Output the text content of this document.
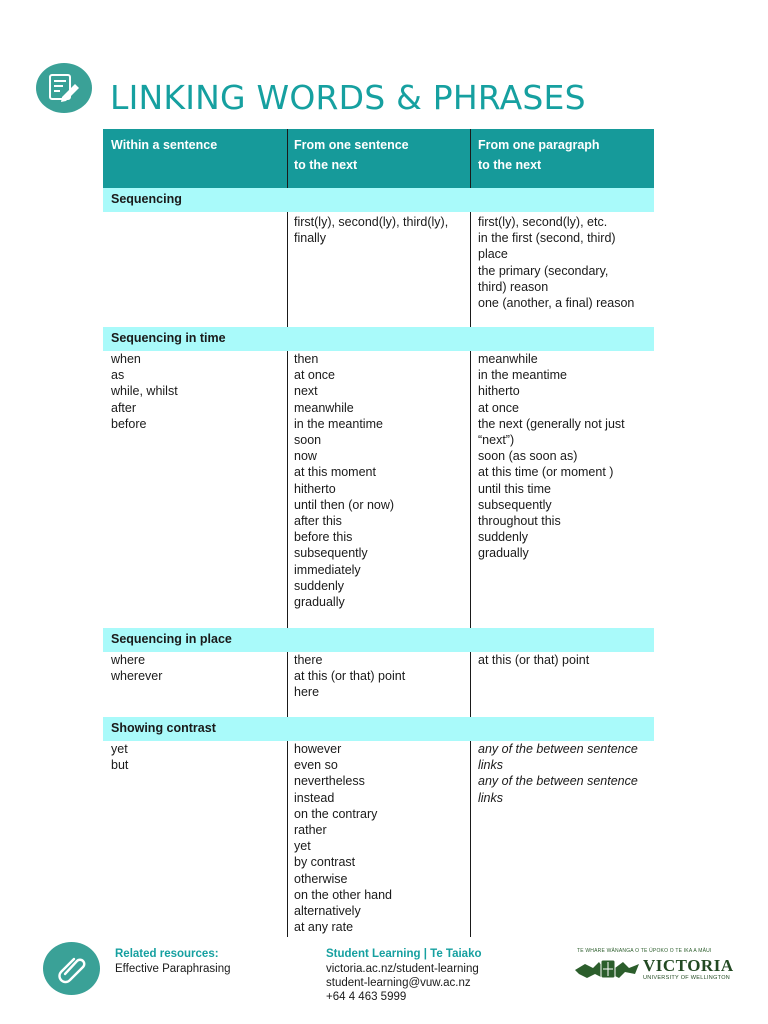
LINKING WORDS & PHRASES
Within a sentence	From one sentence
to the next
From one paragraph
to the next
Sequencing
first(ly), second(ly), third(ly),
finally
first(ly), second(ly), etc.
in the first (second, third)
place
the primary (secondary,
third) reason
one (another, a final) reason
Sequencing in time
when
as
while, whilst
after
before
then
at once
next
meanwhile
in the meantime
soon
now
at this moment
hitherto
until then (or now)
after this
before this
subsequently
immediately
suddenly
gradually
meanwhile
in the meantime
hitherto
at once
the next (generally not just
“next”)
soon (as soon as)
at this time (or moment )
until this time
subsequently
throughout this
suddenly
gradually
Sequencing in place
where
wherever
there
at this (or that) point
here
at this (or that) point
Showing contrast
yet
but
however
even so
nevertheless
instead
on the contrary
rather
yet
by contrast
otherwise
on the other hand
alternatively
at any rate
any of the between sentence
links
any of the between sentence
links
Related resources:
Effective Paraphrasing
Student Learning | Te Taiako
victoria.ac.nz/student-learning
student-learning@vuw.ac.nz
+64 4 463 5999
TE WHARE WĀNANGA O TE ŪPOKO O TE IKA A MĀUI
VICTORIA
UNIVERSITY OF WELLINGTON
